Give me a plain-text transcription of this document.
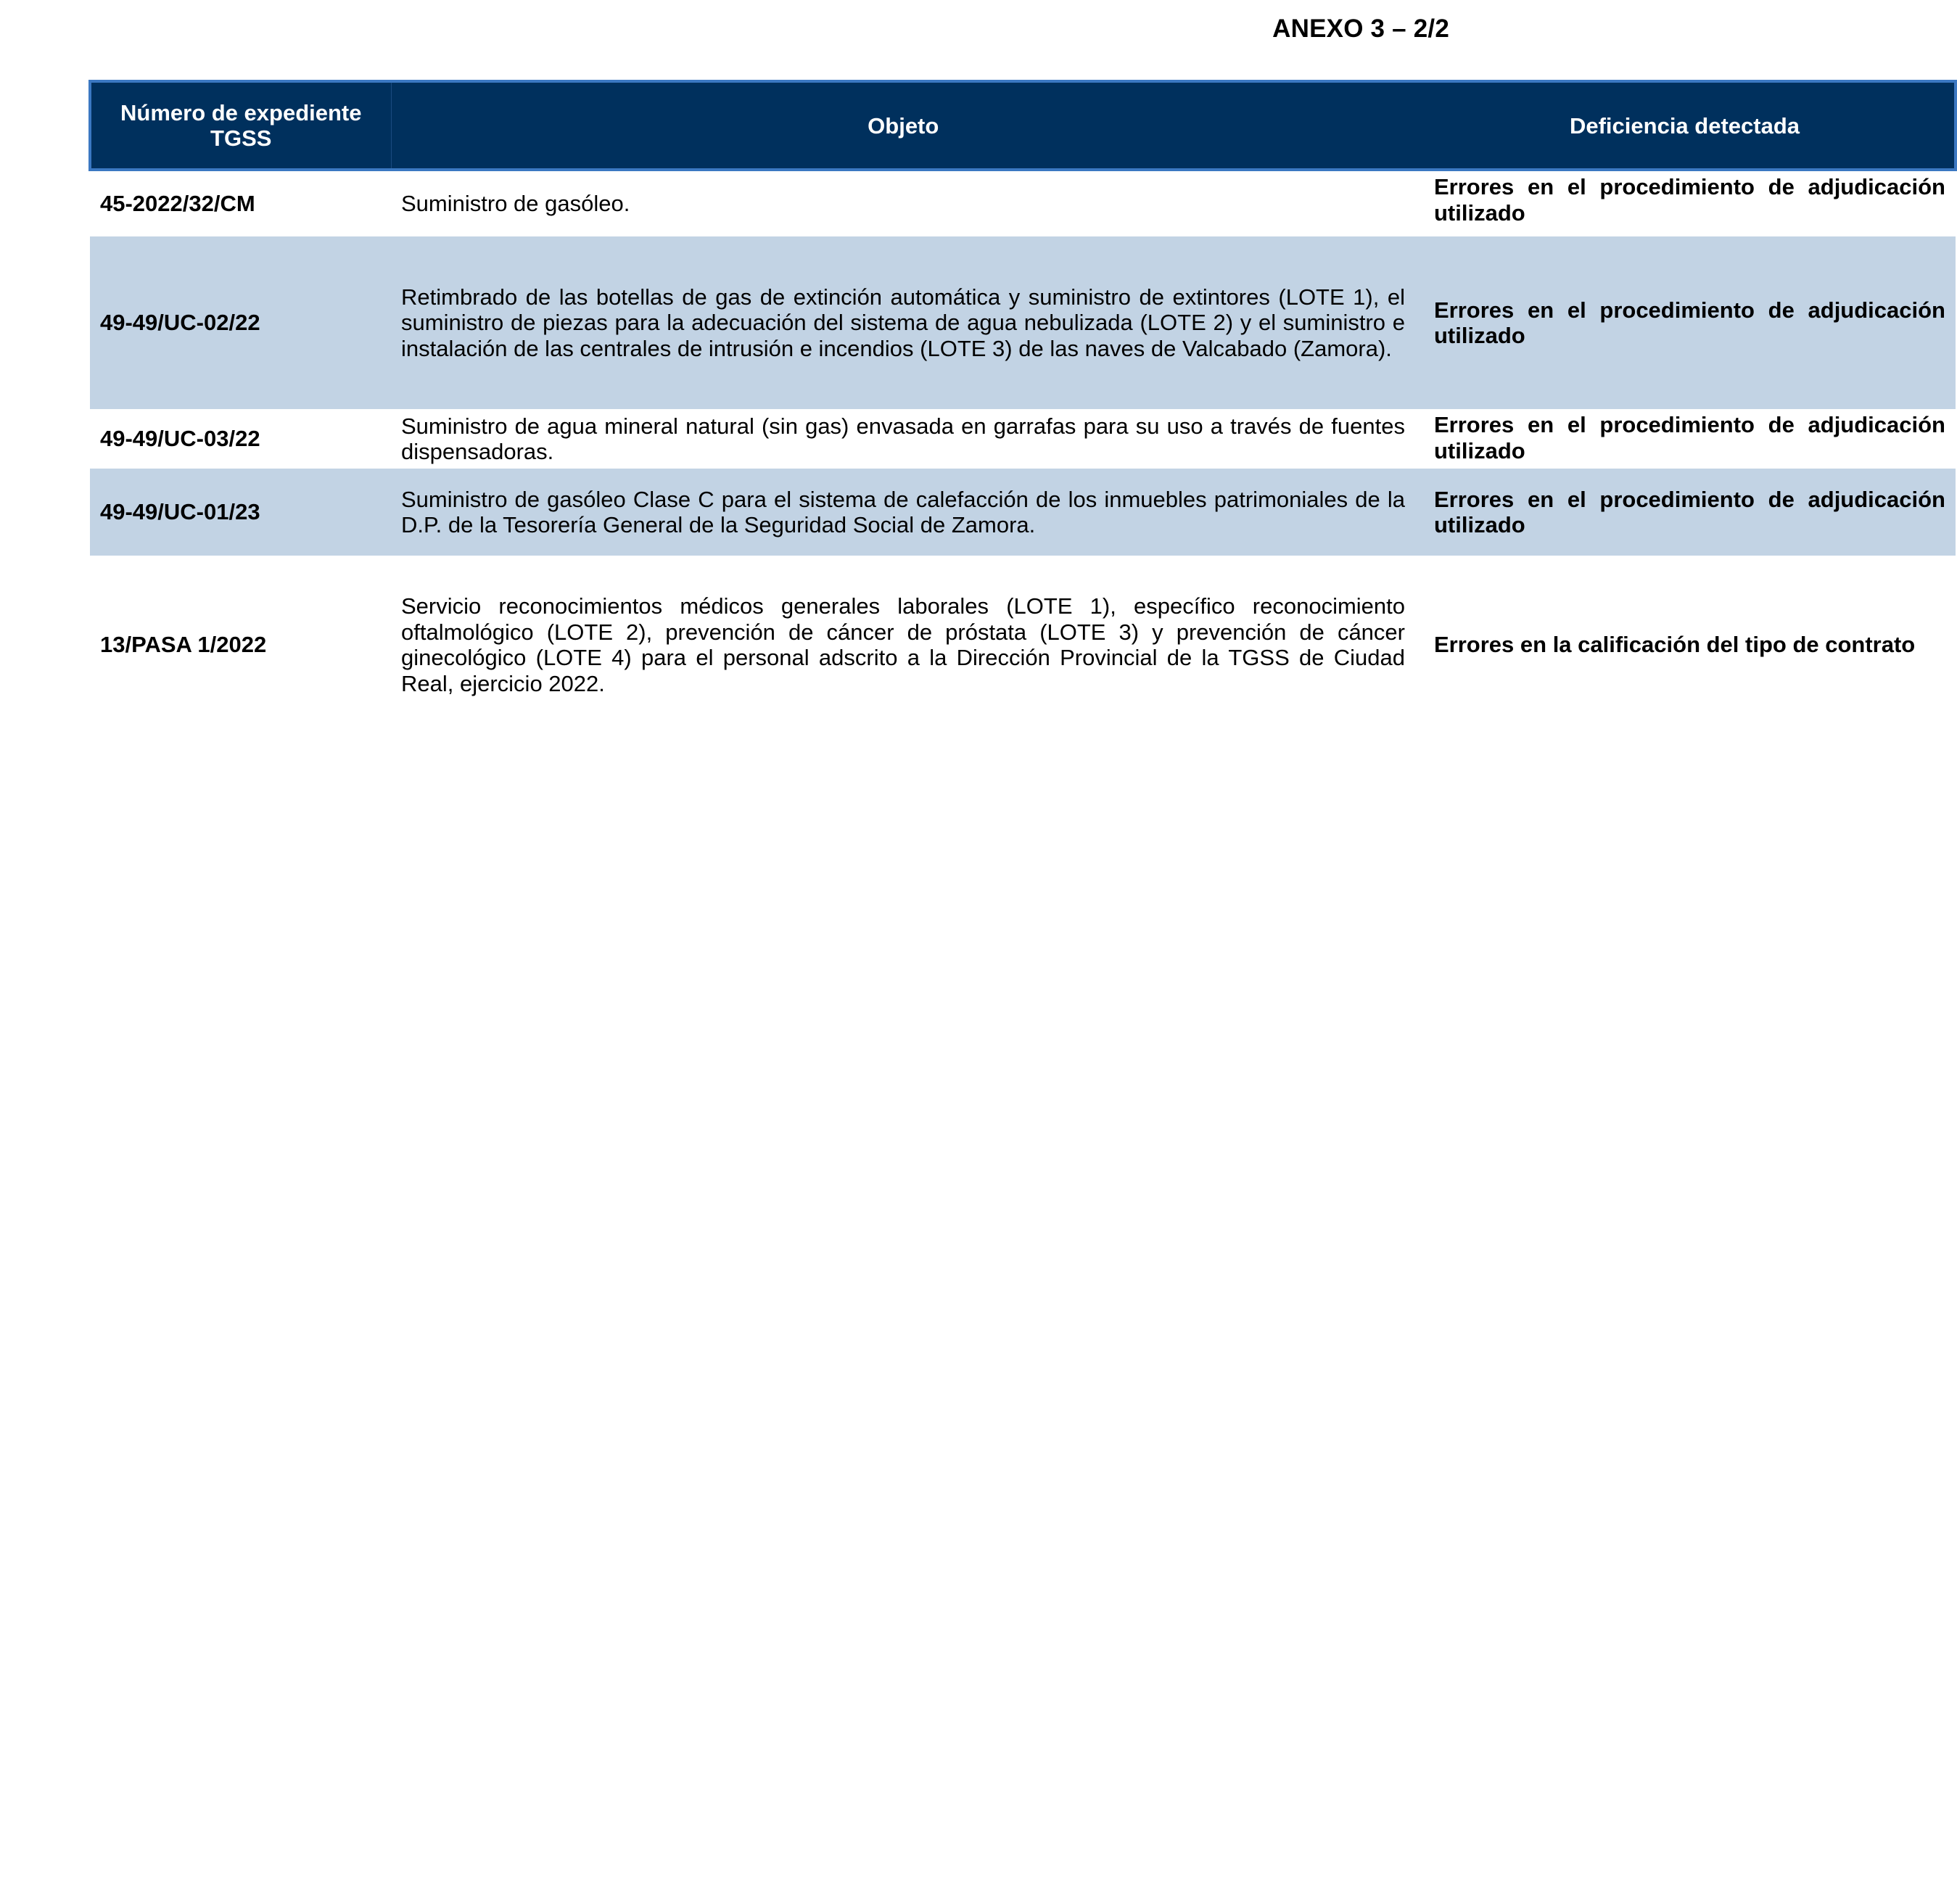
ANEXO 3 – 2/2
Número de expediente TGSS	Objeto	Deficiencia detectada
45-2022/32/CM	Suministro de gasóleo.	Errores en el procedimiento de adjudicación utilizado
49-49/UC-02/22	Retimbrado de las botellas de gas de extinción automática y suministro de extintores (LOTE 1), el suministro de piezas para la adecuación del sistema de agua nebulizada (LOTE 2) y el suministro e instalación de las centrales de intrusión e incendios (LOTE 3) de las naves de Valcabado (Zamora).	Errores en el procedimiento de adjudicación utilizado
49-49/UC-03/22	Suministro de agua mineral natural (sin gas) envasada en garrafas para su uso a través de fuentes dispensadoras.	Errores en el procedimiento de adjudicación utilizado
49-49/UC-01/23	Suministro de gasóleo Clase C para el sistema de calefacción de los inmuebles patrimoniales de la D.P. de la Tesorería General de la Seguridad Social de Zamora.	Errores en el procedimiento de adjudicación utilizado
13/PASA 1/2022	Servicio reconocimientos médicos generales laborales (LOTE 1), específico reconocimiento oftalmológico (LOTE 2), prevención de cáncer de próstata (LOTE 3) y prevención de cáncer ginecológico (LOTE 4) para el personal adscrito a la Dirección Provincial de la TGSS de Ciudad Real, ejercicio 2022.	Errores en la calificación del tipo de contrato
